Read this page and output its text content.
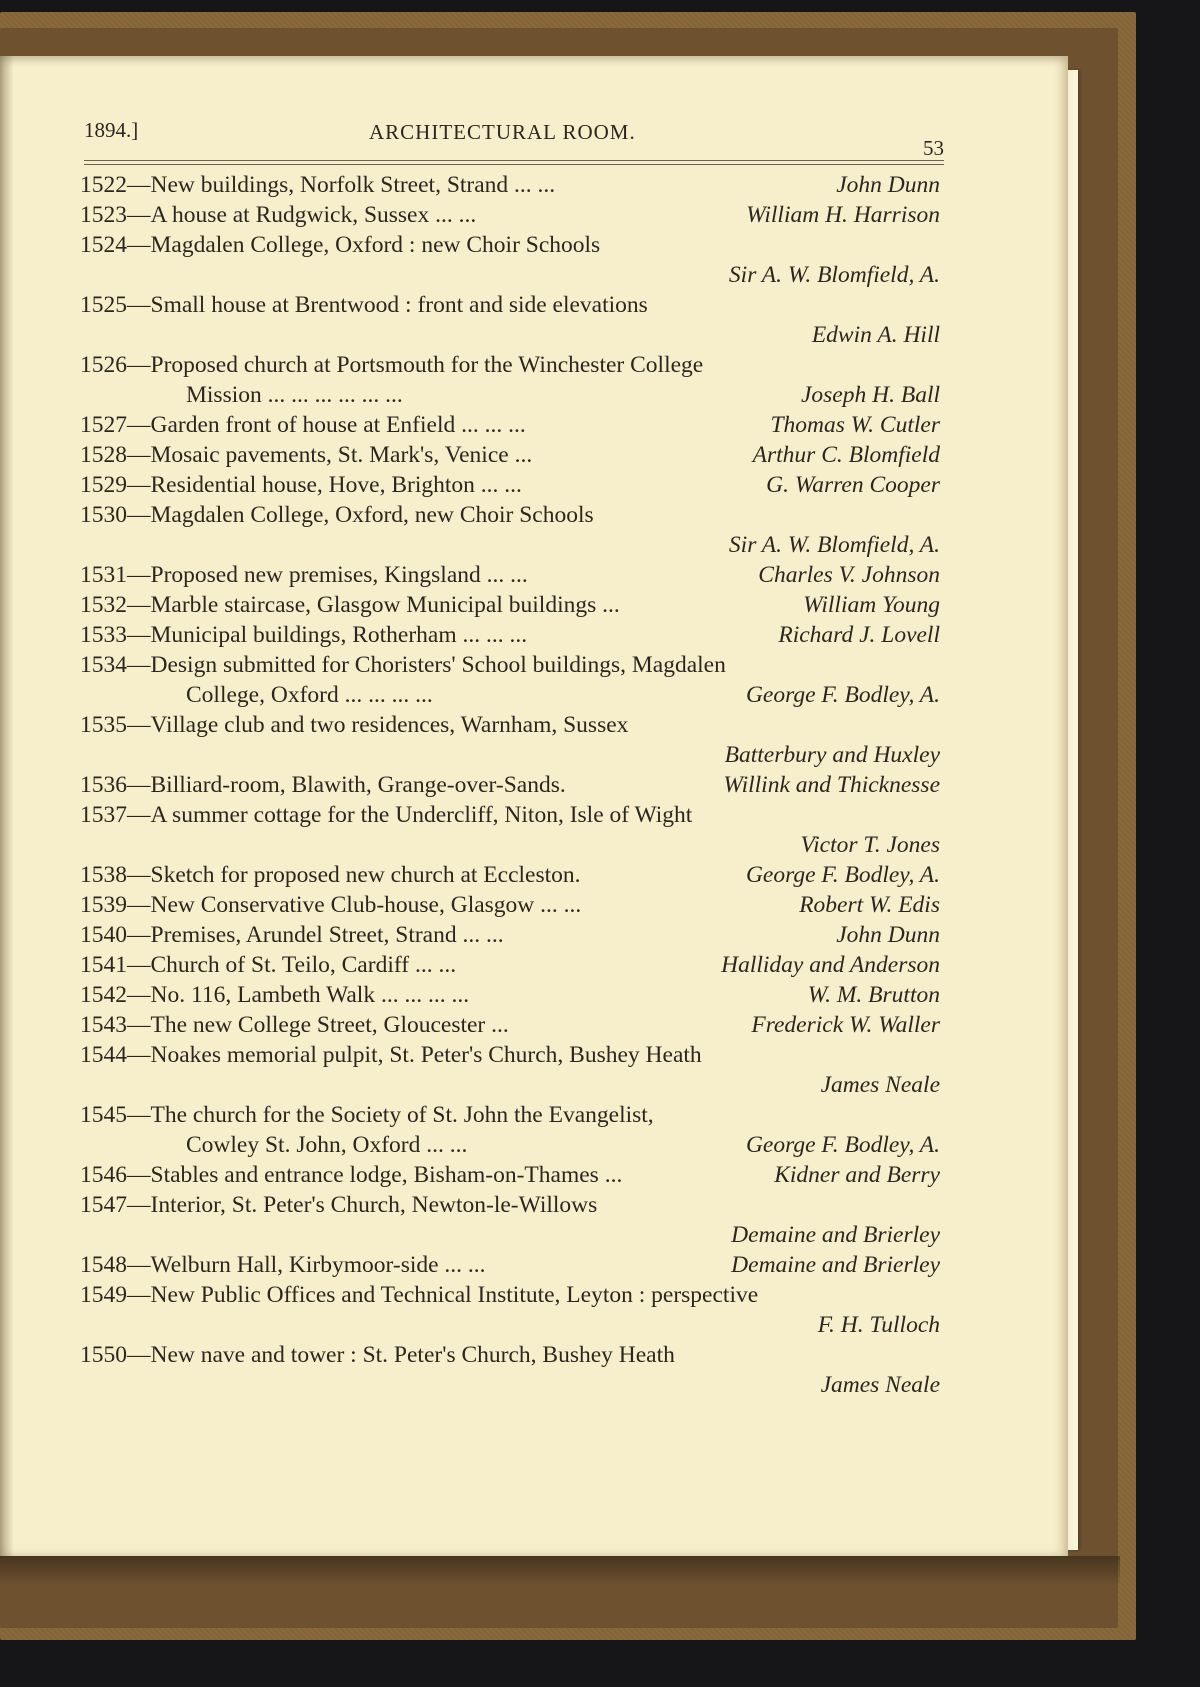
1894.]	ARCHITECTURAL ROOM.
53
1522—New buildings, Norfolk Street, Strand ... ...	John Dunn
1523—A house at Rudgwick, Sussex ... ...	William H. Harrison
1524—Magdalen College, Oxford : new Choir Schools
Sir A. W. Blomfield, A.
1525—Small house at Brentwood : front and side elevations
Edwin A. Hill
1526—Proposed church at Portsmouth for the Winchester College
Mission ... ... ... ... ... ...	Joseph H. Ball
1527—Garden front of house at Enfield ... ... ...	Thomas W. Cutler
1528—Mosaic pavements, St. Mark's, Venice ...	Arthur C. Blomfield
1529—Residential house, Hove, Brighton ... ...	G. Warren Cooper
1530—Magdalen College, Oxford, new Choir Schools
Sir A. W. Blomfield, A.
1531—Proposed new premises, Kingsland ... ...	Charles V. Johnson
1532—Marble staircase, Glasgow Municipal buildings ...	William Young
1533—Municipal buildings, Rotherham ... ... ...	Richard J. Lovell
1534—Design submitted for Choristers' School buildings, Magdalen
College, Oxford ... ... ... ...	George F. Bodley, A.
1535—Village club and two residences, Warnham, Sussex
Batterbury and Huxley
1536—Billiard-room, Blawith, Grange-over-Sands.	Willink and Thicknesse
1537—A summer cottage for the Undercliff, Niton, Isle of Wight
Victor T. Jones
1538—Sketch for proposed new church at Eccleston.	George F. Bodley, A.
1539—New Conservative Club-house, Glasgow ... ...	Robert W. Edis
1540—Premises, Arundel Street, Strand ... ...	John Dunn
1541—Church of St. Teilo, Cardiff ... ...	Halliday and Anderson
1542—No. 116, Lambeth Walk ... ... ... ...	W. M. Brutton
1543—The new College Street, Gloucester ...	Frederick W. Waller
1544—Noakes memorial pulpit, St. Peter's Church, Bushey Heath
James Neale
1545—The church for the Society of St. John the Evangelist,
Cowley St. John, Oxford ... ...	George F. Bodley, A.
1546—Stables and entrance lodge, Bisham-on-Thames ...	Kidner and Berry
1547—Interior, St. Peter's Church, Newton-le-Willows
Demaine and Brierley
1548—Welburn Hall, Kirbymoor-side ... ...	Demaine and Brierley
1549—New Public Offices and Technical Institute, Leyton : perspective
F. H. Tulloch
1550—New nave and tower : St. Peter's Church, Bushey Heath
James Neale
